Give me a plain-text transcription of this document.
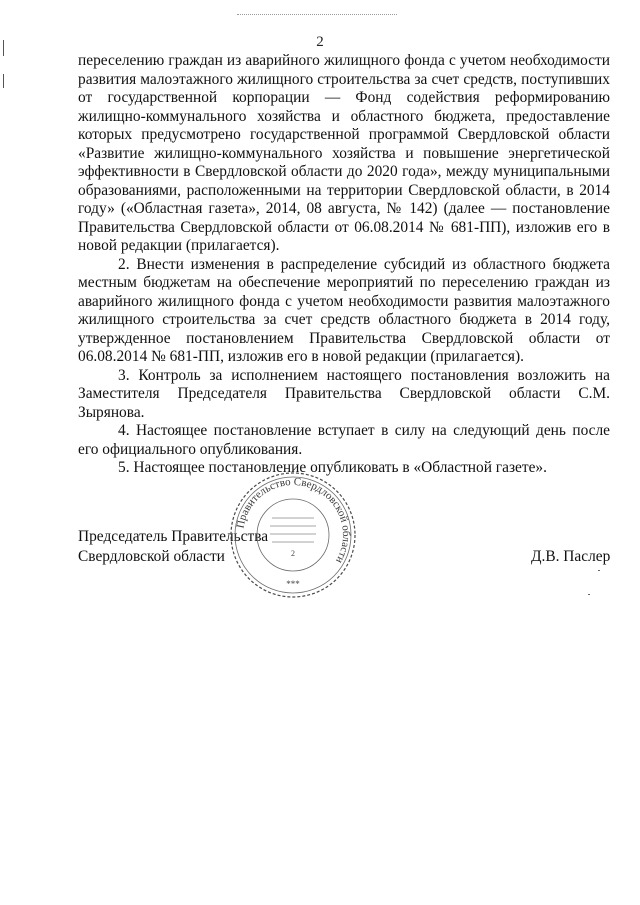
2

переселению граждан из аварийного жилищного фонда с учетом необходимости развития малоэтажного жилищного строительства за счет средств, поступивших от государственной корпорации — Фонд содействия реформированию жилищно-коммунального хозяйства и областного бюджета, предоставление которых предусмотрено государственной программой Свердловской области «Развитие жилищно-коммунального хозяйства и повышение энергетической эффективности в Свердловской области до 2020 года», между муниципальными образованиями, расположенными на территории Свердловской области, в 2014 году» («Областная газета», 2014, 08 августа, № 142) (далее — постановление Правительства Свердловской области от 06.08.2014 № 681-ПП), изложив его в новой редакции (прилагается).

2. Внести изменения в распределение субсидий из областного бюджета местным бюджетам на обеспечение мероприятий по переселению граждан из аварийного жилищного фонда с учетом необходимости развития малоэтажного жилищного строительства за счет средств областного бюджета в 2014 году, утвержденное постановлением Правительства Свердловской области от 06.08.2014 № 681-ПП, изложив его в новой редакции (прилагается).

3. Контроль за исполнением настоящего постановления возложить на Заместителя Председателя Правительства Свердловской области С.М. Зырянова.

4. Настоящее постановление вступает в силу на следующий день после его официального опубликования.

5. Настоящее постановление опубликовать в «Областной газете».

Председатель Правительства
Свердловской области	Д.В. Паслер
Правительство Свердловской области
2
***
